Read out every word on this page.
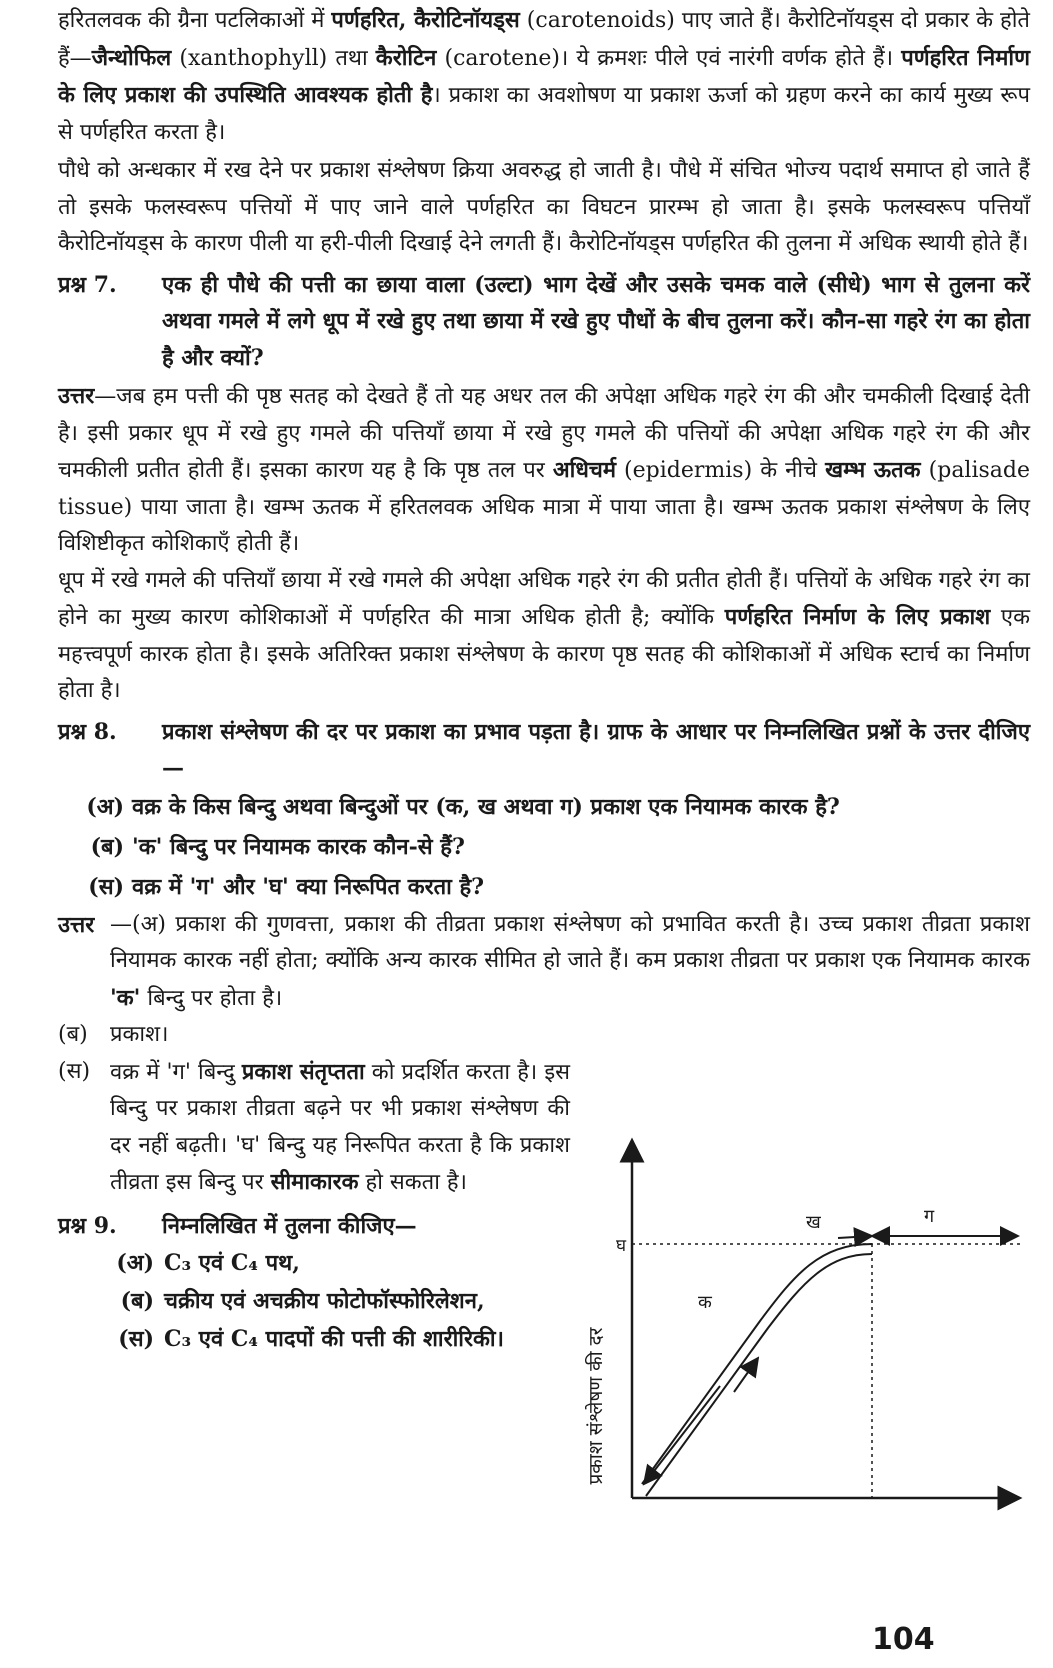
हरितलवक की ग्रैना पटलिकाओं में पर्णहरित, कैरोटिनॉयड्स (carotenoids) पाए जाते हैं। कैरोटिनॉयड्स दो प्रकार के होते हैं—जैन्थोफिल (xanthophyll) तथा कैरोटिन (carotene)। ये क्रमशः पीले एवं नारंगी वर्णक होते हैं। पर्णहरित निर्माण के लिए प्रकाश की उपस्थिति आवश्यक होती है। प्रकाश का अवशोषण या प्रकाश ऊर्जा को ग्रहण करने का कार्य मुख्य रूप से पर्णहरित करता है।

पौधे को अन्धकार में रख देने पर प्रकाश संश्लेषण क्रिया अवरुद्ध हो जाती है। पौधे में संचित भोज्य पदार्थ समाप्त हो जाते हैं तो इसके फलस्वरूप पत्तियों में पाए जाने वाले पर्णहरित का विघटन प्रारम्भ हो जाता है। इसके फलस्वरूप पत्तियाँ कैरोटिनॉयड्स के कारण पीली या हरी-पीली दिखाई देने लगती हैं। कैरोटिनॉयड्स पर्णहरित की तुलना में अधिक स्थायी होते हैं।

प्रश्न 7.	एक ही पौधे की पत्ती का छाया वाला (उल्टा) भाग देखें और उसके चमक वाले (सीधे) भाग से तुलना करें अथवा गमले में लगे धूप में रखे हुए तथा छाया में रखे हुए पौधों के बीच तुलना करें। कौन-सा गहरे रंग का होता है और क्यों?

उत्तर—जब हम पत्ती की पृष्ठ सतह को देखते हैं तो यह अधर तल की अपेक्षा अधिक गहरे रंग की और चमकीली दिखाई देती है। इसी प्रकार धूप में रखे हुए गमले की पत्तियाँ छाया में रखे हुए गमले की पत्तियों की अपेक्षा अधिक गहरे रंग की और चमकीली प्रतीत होती हैं। इसका कारण यह है कि पृष्ठ तल पर अधिचर्म (epidermis) के नीचे खम्भ ऊतक (palisade tissue) पाया जाता है। खम्भ ऊतक में हरितलवक अधिक मात्रा में पाया जाता है। खम्भ ऊतक प्रकाश संश्लेषण के लिए विशिष्टीकृत कोशिकाएँ होती हैं।

धूप में रखे गमले की पत्तियाँ छाया में रखे गमले की अपेक्षा अधिक गहरे रंग की प्रतीत होती हैं। पत्तियों के अधिक गहरे रंग का होने का मुख्य कारण कोशिकाओं में पर्णहरित की मात्रा अधिक होती है; क्योंकि पर्णहरित निर्माण के लिए प्रकाश एक महत्त्वपूर्ण कारक होता है। इसके अतिरिक्त प्रकाश संश्लेषण के कारण पृष्ठ सतह की कोशिकाओं में अधिक स्टार्च का निर्माण होता है।

प्रश्न 8.	प्रकाश संश्लेषण की दर पर प्रकाश का प्रभाव पड़ता है। ग्राफ के आधार पर निम्नलिखित प्रश्नों के उत्तर दीजिए—
(अ) वक्र के किस बिन्दु अथवा बिन्दुओं पर (क, ख अथवा ग) प्रकाश एक नियामक कारक है?
(ब) 'क' बिन्दु पर नियामक कारक कौन-से हैं?
(स) वक्र में 'ग' और 'घ' क्या निरूपित करता है?
उत्तर —(अ) प्रकाश की गुणवत्ता, प्रकाश की तीव्रता प्रकाश संश्लेषण को प्रभावित करती है। उच्च प्रकाश तीव्रता प्रकाश नियामक कारक नहीं होता; क्योंकि अन्य कारक सीमित हो जाते हैं। कम प्रकाश तीव्रता पर प्रकाश एक नियामक कारक 'क' बिन्दु पर होता है।
(ब)	प्रकाश।
(स) वक्र में 'ग' बिन्दु प्रकाश संतृप्तता को प्रदर्शित करता है। इस बिन्दु पर प्रकाश तीव्रता बढ़ने पर भी प्रकाश संश्लेषण की दर नहीं बढ़ती। 'घ' बिन्दु यह निरूपित करता है कि प्रकाश तीव्रता इस बिन्दु पर सीमाकारक हो सकता है।
प्रश्न 9.	निम्नलिखित में तुलना कीजिए—
(अ) C₃ एवं C₄ पथ,
(ब) चक्रीय एवं अचक्रीय फोटोफॉस्फोरिलेशन,
(स) C₃ एवं C₄ पादपों की पत्ती की शारीरिकी।	प्रकाश संश्लेषण की दर
घ
ख	ग
क
104
